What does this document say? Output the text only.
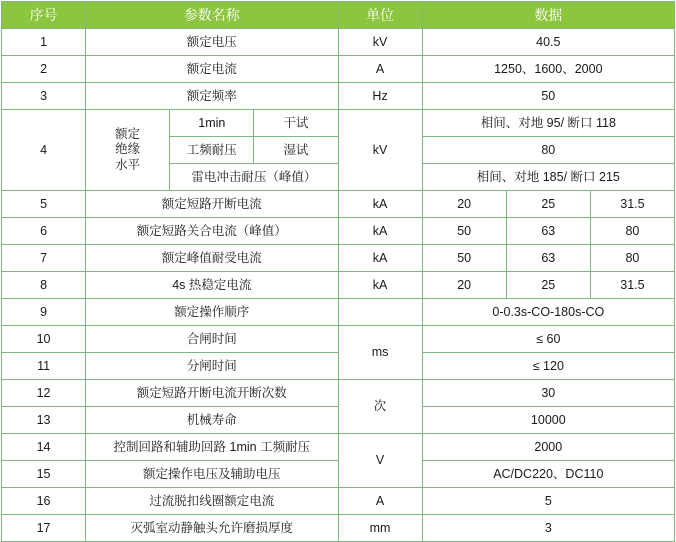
序号	参数名称			单位	数据		
1	额定电压			kV	40.5		
2	额定电流			A	1250、1600、2000		
3	额定频率			Hz	50		
4	额定
绝缘
水平	1min	干试	kV	相间、对地 95/ 断口 118		
		工频耐压	湿试		80		
		雷电冲击耐压（峰值）			相间、对地 185/ 断口 215		
5	额定短路开断电流			kA	20	25	31.5
6	额定短路关合电流（峰值）			kA	50	63	80
7	额定峰值耐受电流			kA	50	63	80
8	4s 热稳定电流			kA	20	25	31.5
9	额定操作顺序				0-0.3s-CO-180s-CO		
10	合闸时间			ms	≤ 60		
11	分闸时间				≤ 120		
12	额定短路开断电流开断次数			次	30		
13	机械寿命				10000		
14	控制回路和辅助回路 1min 工频耐压			V	2000		
15	额定操作电压及辅助电压				AC/DC220、DC110		
16	过流脱扣线圈额定电流			A	5		
17	灭弧室动静触头允许磨损厚度			mm	3		
